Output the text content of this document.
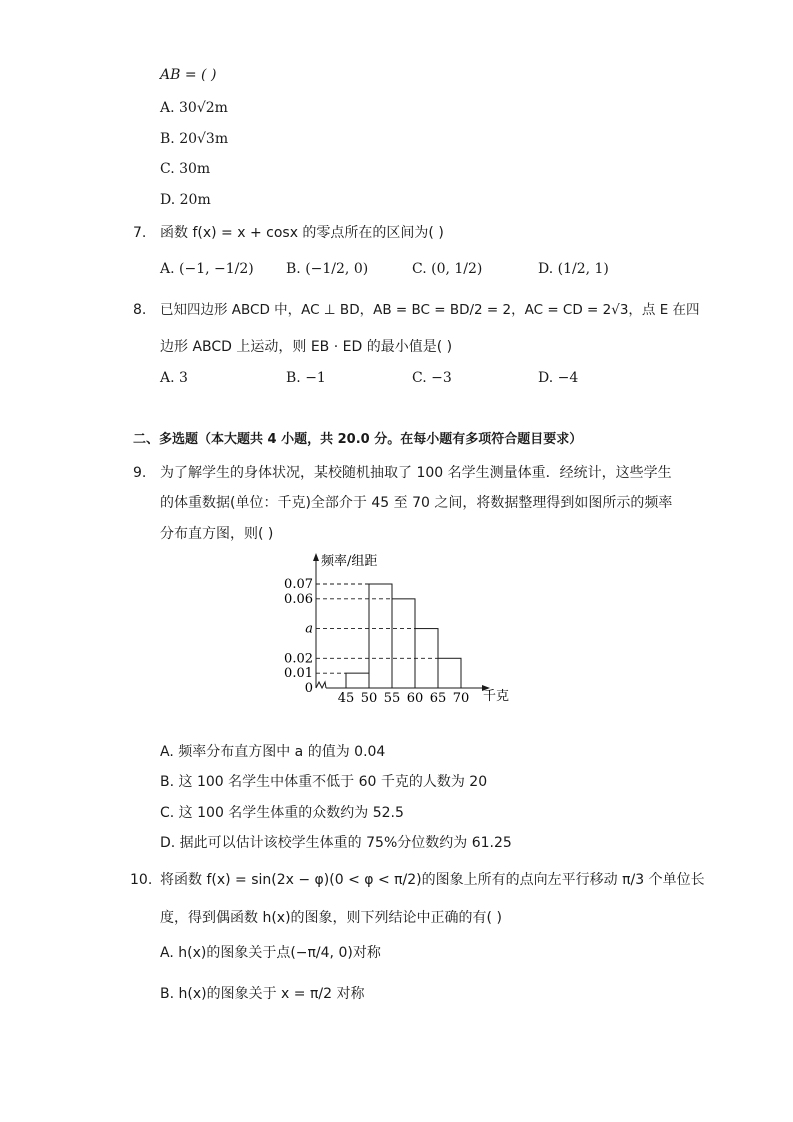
AB = ( )
A. 30√2m
B. 20√3m
C. 30m
D. 20m
7. 函数 f(x) = x + cosx 的零点所在的区间为( )
A. (−1, −1/2) B. (−1/2, 0)	C. (0, 1/2)	D. (1/2, 1)
8. 已知四边形 ABCD 中，AC ⊥ BD，AB = BC = BD/2 = 2，AC = CD = 2√3，点 E 在四
边形 ABCD 上运动，则 EB · ED 的最小值是( )
A. 3	B. −1	C. −3	D. −4
二、多选题（本大题共 4 小题，共 20.0 分。在每小题有多项符合题目要求）
9. 为了解学生的身体状况，某校随机抽取了 100 名学生测量体重．经统计，这些学生
的体重数据(单位：千克)全部介于 45 至 70 之间，将数据整理得到如图所示的频率
分布直方图，则( )
频率/组距
千克
0
0.01
0.02
a
0.06
0.07
45 50 55 60 65 70
A. 频率分布直方图中 a 的值为 0.04
B. 这 100 名学生中体重不低于 60 千克的人数为 20
C. 这 100 名学生体重的众数约为 52.5
D. 据此可以估计该校学生体重的 75%分位数约为 61.25
10. 将函数 f(x) = sin(2x − φ)(0 < φ < π/2)的图象上所有的点向左平行移动 π/3 个单位长
度，得到偶函数 h(x)的图象，则下列结论中正确的有( )
A. h(x)的图象关于点(−π/4, 0)对称
B. h(x)的图象关于 x = π/2 对称
